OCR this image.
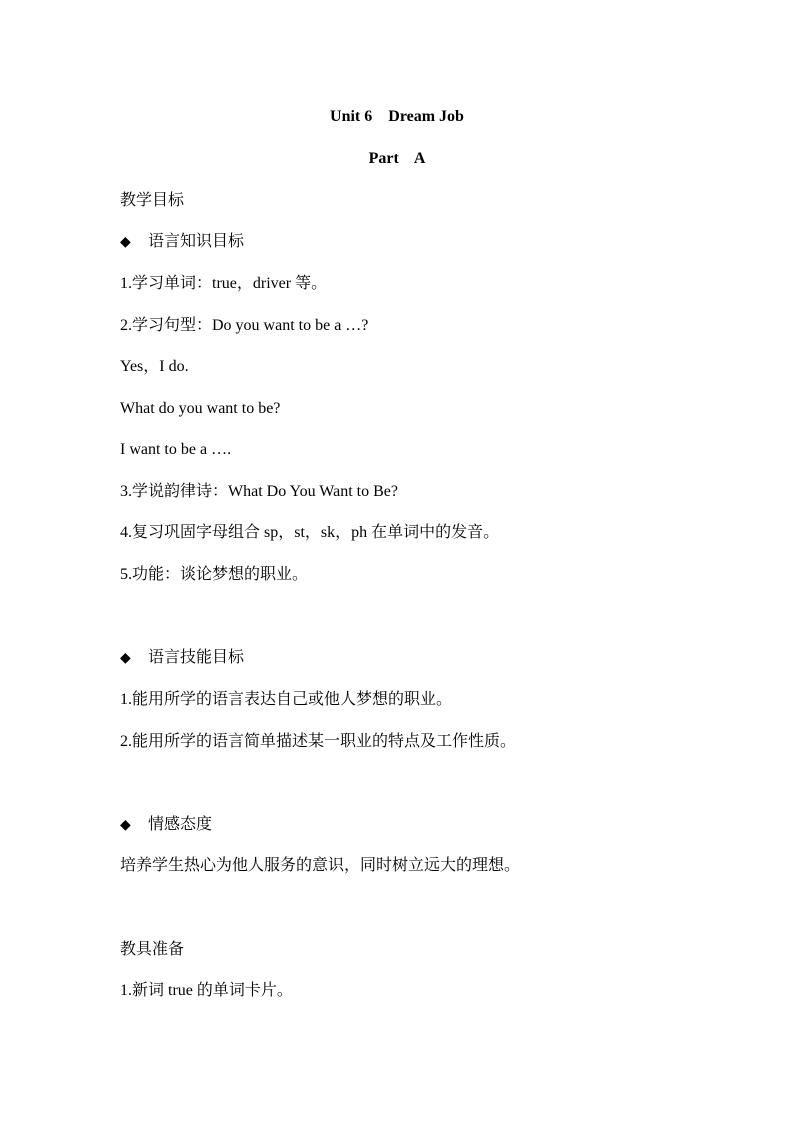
Unit 6    Dream Job
Part    A
教学目标
◆ 语言知识目标
1.学习单词：true，driver 等。
2.学习句型：Do you want to be a …?
Yes，I do.
What do you want to be?
I want to be a ….
3.学说韵律诗：What Do You Want to Be?
4.复习巩固字母组合 sp，st，sk，ph 在单词中的发音。
5.功能：谈论梦想的职业。
◆ 语言技能目标
1.能用所学的语言表达自己或他人梦想的职业。
2.能用所学的语言简单描述某一职业的特点及工作性质。
◆ 情感态度
培养学生热心为他人服务的意识，同时树立远大的理想。
教具准备
1.新词 true 的单词卡片。
